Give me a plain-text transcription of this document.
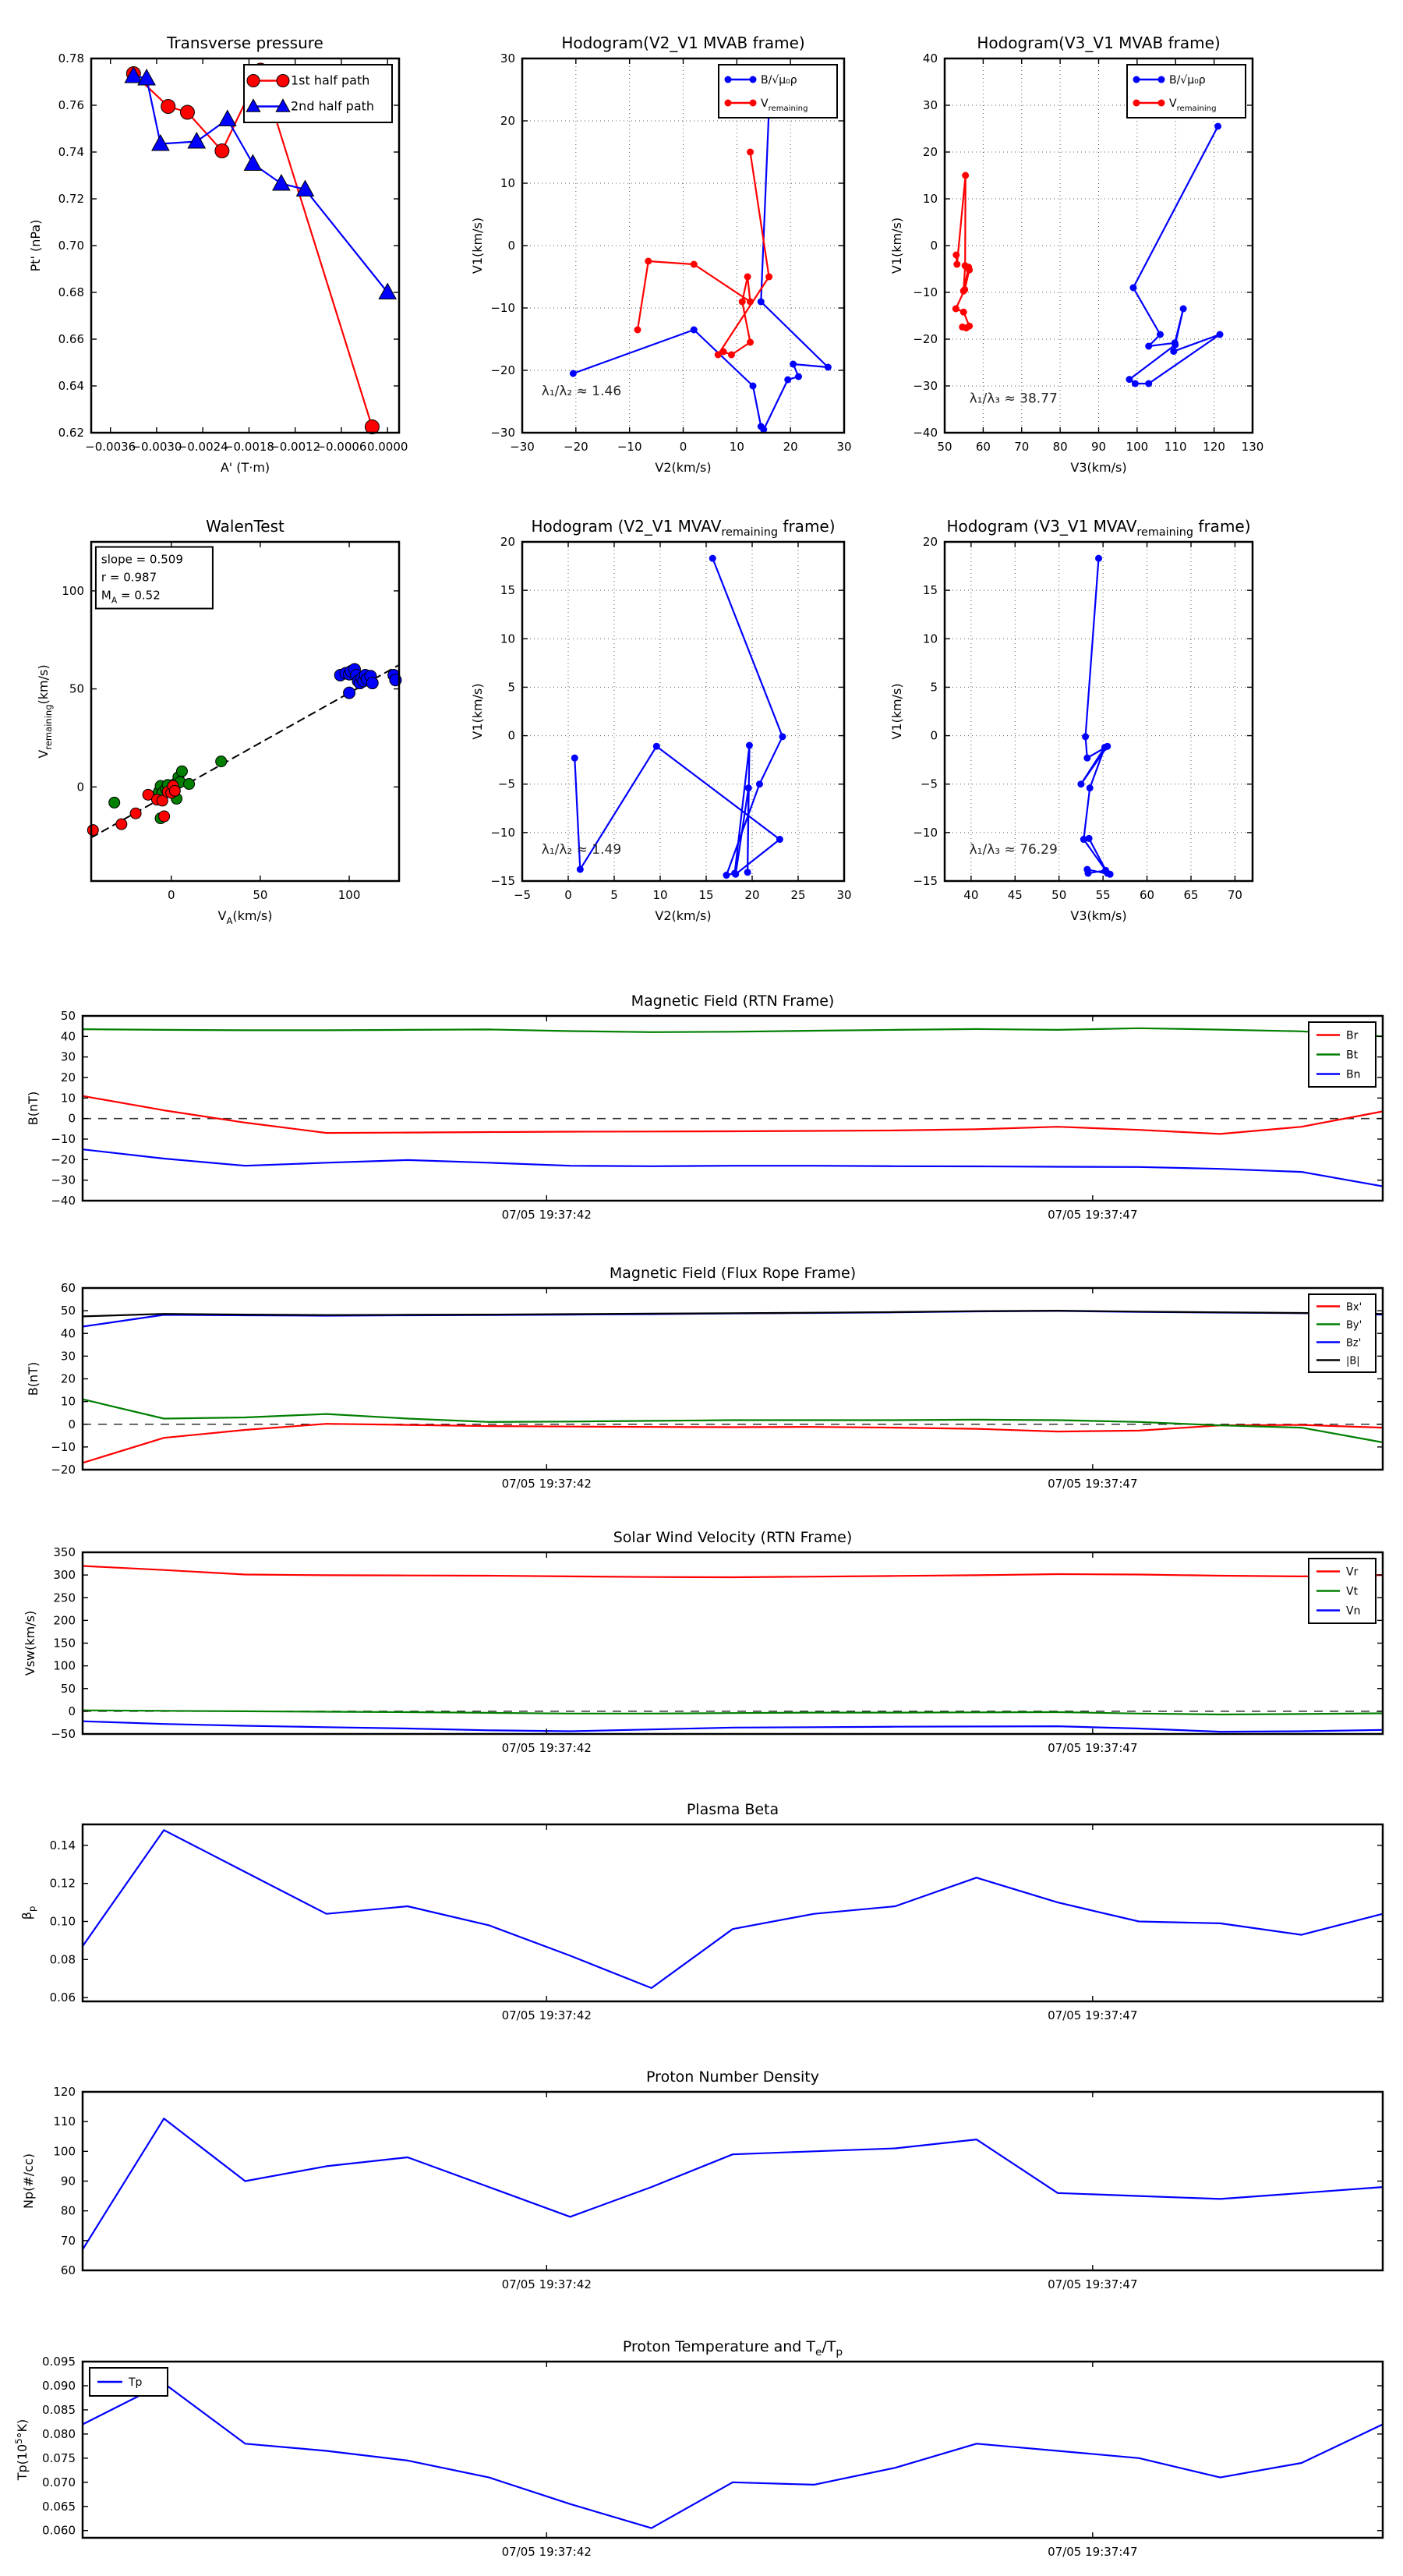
−0.0036
−0.0030
−0.0024
−0.0018
−0.0012
−0.0006 0.0000
0.62
0.64
0.66
0.68
0.70
0.72
0.74
0.76
0.78
Transverse pressure
A' (T·m)
Pt' (nPa)
1st half path
2nd half path
−30 −20 −10	0	10	20	30
−30
−20
−10
0
10
20
30
Hodogram(V2_V1 MVAB frame)
V2(km/s)
V1(km/s)
B/√μ₀ρ
$V_{remaining}$
λ₁/λ₂ ≈ 1.46
50 60 70 80 90 100 110 120 130
−40
−30
−20
−10
0
10
20
30
40
Hodogram(V3_V1 MVAB frame)
V3(km/s)
V1(km/s)
B/√μ₀ρ
$V_{remaining}$
λ₁/λ₃ ≈ 38.77
0	50	100
0
50
100
WalenTest
$V_A(km/s)$
$V_{remaining}(km/s)$
slope = 0.509
r = 0.987
$M_A = 0.52$
−5	0	5	10	15	20	25	30
−15
−10
−5
0
5
10
15
20
Hodogram (V2_V1 $MVAV_{remaining}$ frame)
V2(km/s)
V1(km/s)
λ₁/λ₂ ≈ 1.49
40 45 50 55 60 65 70
−15
−10
−5
0
5
10
15
20
Hodogram (V3_V1 $MVAV_{remaining}$ frame)
V3(km/s)
V1(km/s)
λ₁/λ₃ ≈ 76.29
07/05 19:37:42	07/05 19:37:47
−40
−30
−20
−10
0
10
20
30
40
50
Magnetic Field (RTN Frame)
B(nT)
Br
Bt
Bn
07/05 19:37:42	07/05 19:37:47
−20
−10
0
10
20
30
40
50
60
Magnetic Field (Flux Rope Frame)
B(nT)
Bx'
By'
Bz'
|B|
07/05 19:37:42	07/05 19:37:47
−50
0
50
100
150
200
250
300
350
Solar Wind Velocity (RTN Frame)
Vsw(km/s)
Vr
Vt
Vn
07/05 19:37:42	07/05 19:37:47
0.06
0.08
0.10
0.12
0.14
Plasma Beta
$\beta_p$
07/05 19:37:42	07/05 19:37:47
60
70
80
90
100
110
120
Proton Number Density
Np(#/cc)
07/05 19:37:42	07/05 19:37:47
0.060
0.065
0.070
0.075
0.080
0.085
0.090
0.095
Proton Temperature and $T_e/T_p$
$Tp(10^5^\circ K)$
Tp
